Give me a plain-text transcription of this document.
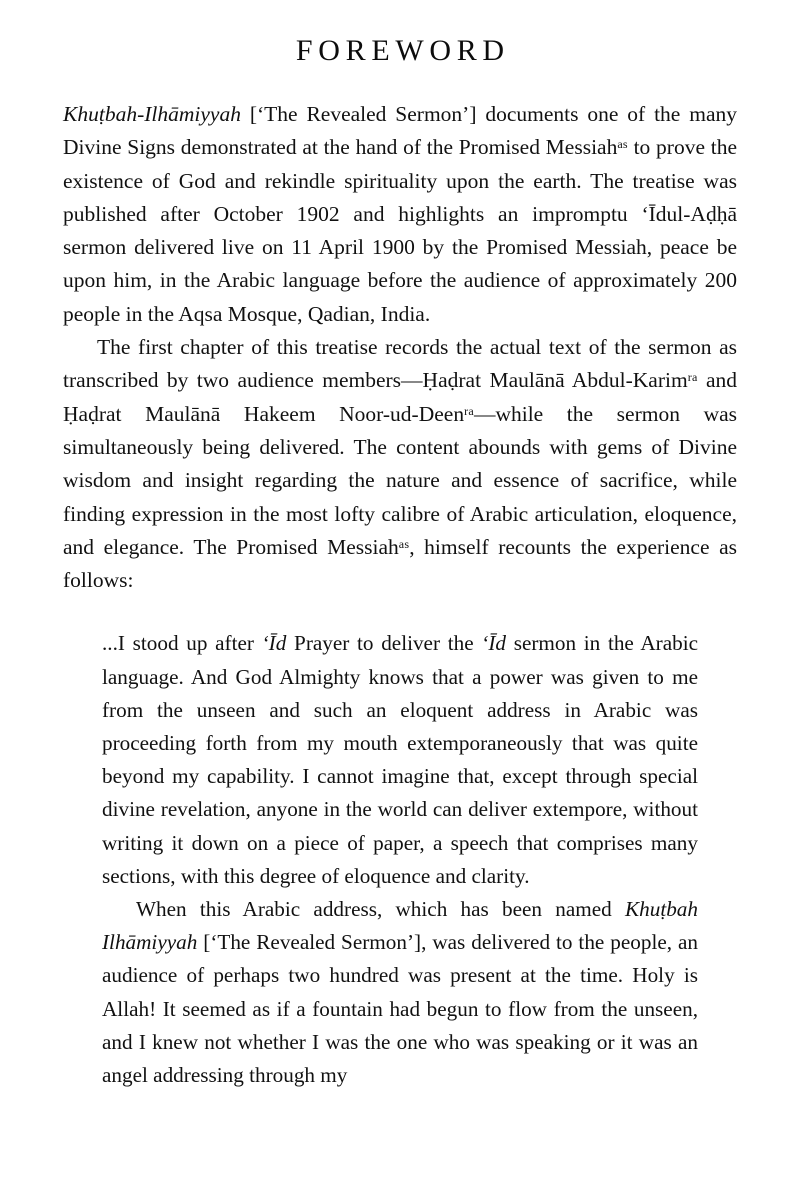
FOREWORD

Khuṭbah-Ilhāmiyyah [‘The Revealed Sermon’] documents one of the many Divine Signs demonstrated at the hand of the Promised Messiah$^{as}$ to prove the existence of God and rekindle spirituality upon the earth. The treatise was published after October 1902 and highlights an impromptu ‘Īdul-Aḍḥā sermon delivered live on 11 April 1900 by the Promised Messiah, peace be upon him, in the Arabic language before the audience of approximately 200 people in the Aqsa Mosque, Qadian, India.

The first chapter of this treatise records the actual text of the sermon as transcribed by two audience members—Ḥaḍrat Maulānā Abdul-Karim$^{ra}$ and Ḥaḍrat Maulānā Hakeem Noor-ud-Deen$^{ra}$—while the sermon was simultaneously being delivered. The content abounds with gems of Divine wisdom and insight regarding the nature and essence of sacrifice, while finding expression in the most lofty calibre of Arabic articulation, eloquence, and elegance. The Promised Messiah$^{as}$, himself recounts the experience as follows:

...I stood up after ‘Īd Prayer to deliver the ‘Īd sermon in the Arabic language. And God Almighty knows that a power was given to me from the unseen and such an eloquent address in Arabic was proceeding forth from my mouth extemporaneously that was quite beyond my capability. I cannot imagine that, except through special divine revelation, anyone in the world can deliver extempore, without writing it down on a piece of paper, a speech that comprises many sections, with this degree of eloquence and clarity.

When this Arabic address, which has been named Khuṭbah Ilhāmiyyah [‘The Revealed Sermon’], was delivered to the people, an audience of perhaps two hundred was present at the time. Holy is Allah! It seemed as if a fountain had begun to flow from the unseen, and I knew not whether I was the one who was speaking or it was an angel addressing through my
